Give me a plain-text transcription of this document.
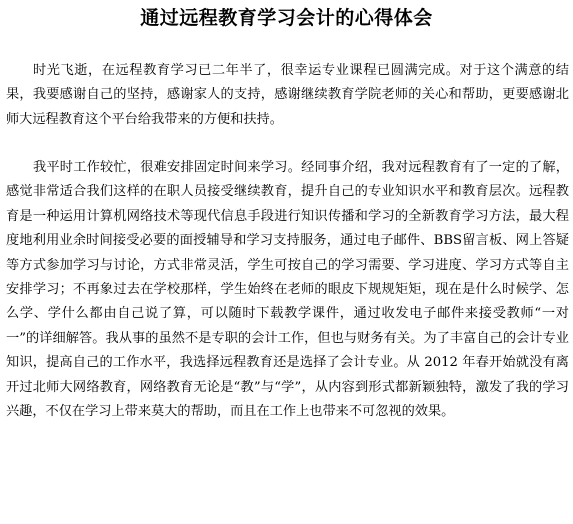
通过远程教育学习会计的心得体会

时光飞逝，在远程教育学习已二年半了，很幸运专业课程已圆满完成。对于这个满意的结果，我要感谢自己的坚持，感谢家人的支持，感谢继续教育学院老师的关心和帮助，更要感谢北师大远程教育这个平台给我带来的方便和扶持。

我平时工作较忙，很难安排固定时间来学习。经同事介绍，我对远程教育有了一定的了解，感觉非常适合我们这样的在职人员接受继续教育，提升自己的专业知识水平和教育层次。远程教育是一种运用计算机网络技术等现代信息手段进行知识传播和学习的全新教育学习方法，最大程度地利用业余时间接受必要的面授辅导和学习支持服务，通过电子邮件、BBS留言板、网上答疑等方式参加学习与讨论，方式非常灵活，学生可按自己的学习需要、学习进度、学习方式等自主安排学习；不再象过去在学校那样，学生始终在老师的眼皮下规规矩矩，现在是什么时候学、怎么学、学什么都由自己说了算，可以随时下载教学课件，通过收发电子邮件来接受教师“一对一”的详细解答。我从事的虽然不是专职的会计工作，但也与财务有关。为了丰富自己的会计专业知识，提高自己的工作水平，我选择远程教育还是选择了会计专业。从 2012 年春开始就没有离开过北师大网络教育，网络教育无论是“教”与“学”，从内容到形式都新颖独特，激发了我的学习兴趣，不仅在学习上带来莫大的帮助，而且在工作上也带来不可忽视的效果。
